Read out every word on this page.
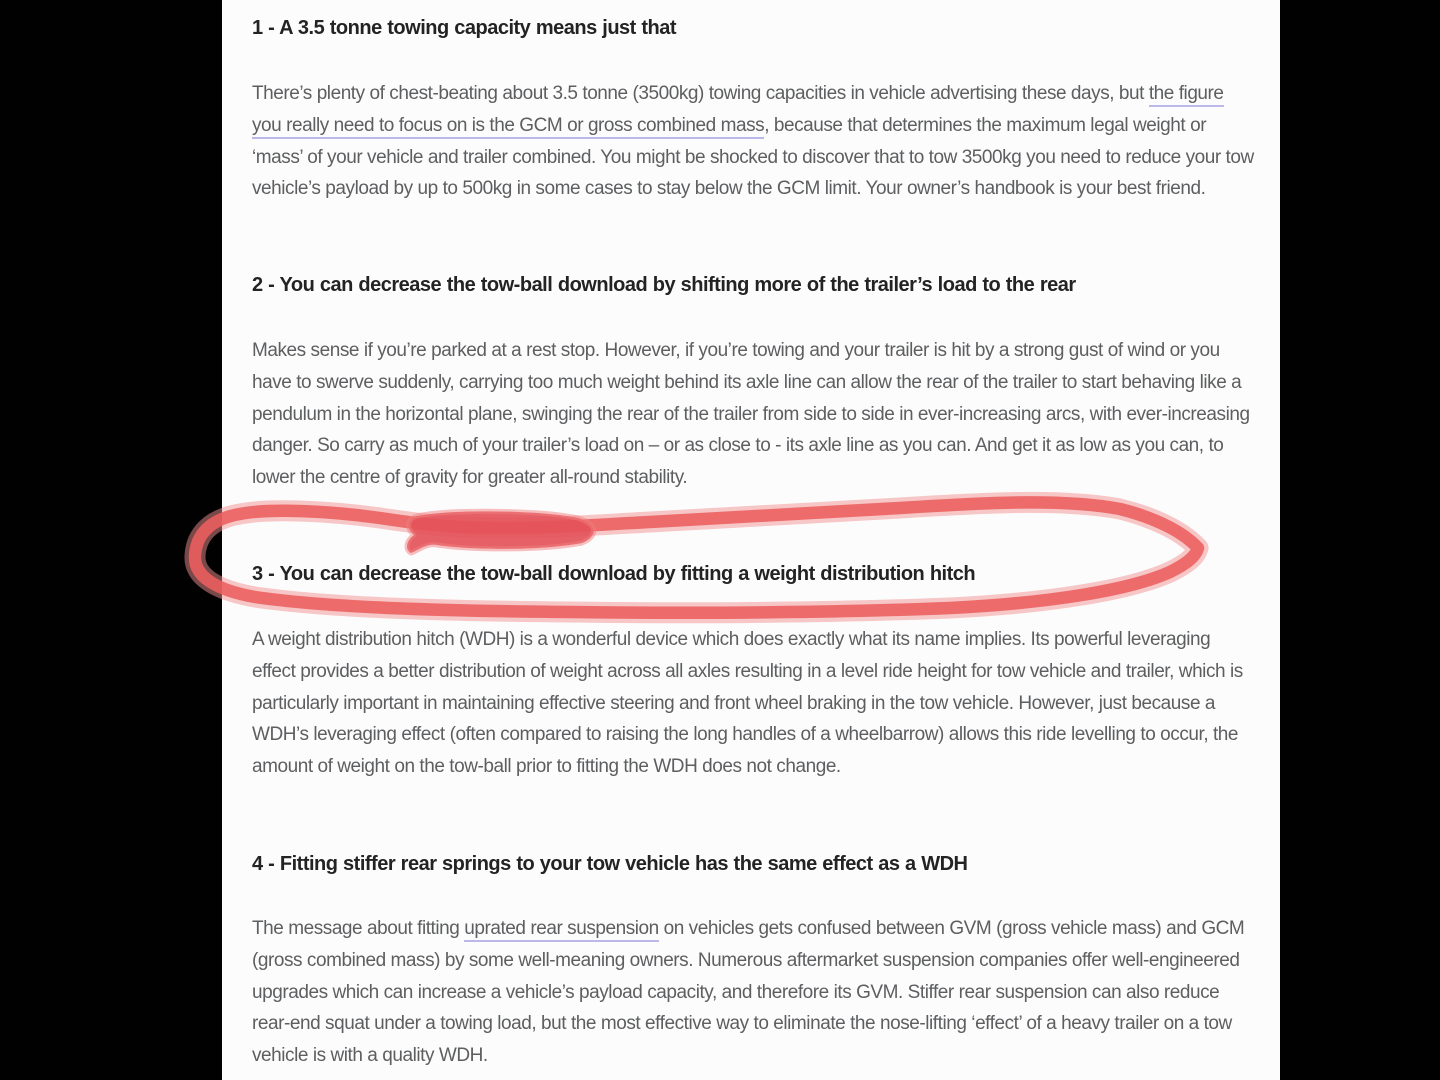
1 - A 3.5 tonne towing capacity means just that

There’s plenty of chest-beating about 3.5 tonne (3500kg) towing capacities in vehicle advertising these days, but the figure you really need to focus on is the GCM or gross combined mass, because that determines the maximum legal weight or ‘mass’ of your vehicle and trailer combined. You might be shocked to discover that to tow 3500kg you need to reduce your tow vehicle’s payload by up to 500kg in some cases to stay below the GCM limit. Your owner’s handbook is your best friend.

2 - You can decrease the tow-ball download by shifting more of the trailer’s load to the rear

Makes sense if you’re parked at a rest stop. However, if you’re towing and your trailer is hit by a strong gust of wind or you have to swerve suddenly, carrying too much weight behind its axle line can allow the rear of the trailer to start behaving like a pendulum in the horizontal plane, swinging the rear of the trailer from side to side in ever-increasing arcs, with ever-increasing danger. So carry as much of your trailer’s load on – or as close to - its axle line as you can. And get it as low as you can, to lower the centre of gravity for greater all-round stability.

3 - You can decrease the tow-ball download by fitting a weight distribution hitch

A weight distribution hitch (WDH) is a wonderful device which does exactly what its name implies. Its powerful leveraging effect provides a better distribution of weight across all axles resulting in a level ride height for tow vehicle and trailer, which is particularly important in maintaining effective steering and front wheel braking in the tow vehicle. However, just because a WDH’s leveraging effect (often compared to raising the long handles of a wheelbarrow) allows this ride levelling to occur, the amount of weight on the tow-ball prior to fitting the WDH does not change.

4 - Fitting stiffer rear springs to your tow vehicle has the same effect as a WDH

The message about fitting uprated rear suspension on vehicles gets confused between GVM (gross vehicle mass) and GCM (gross combined mass) by some well-meaning owners. Numerous aftermarket suspension companies offer well-engineered upgrades which can increase a vehicle’s payload capacity, and therefore its GVM. Stiffer rear suspension can also reduce rear-end squat under a towing load, but the most effective way to eliminate the nose-lifting ‘effect’ of a heavy trailer on a tow vehicle is with a quality WDH.
